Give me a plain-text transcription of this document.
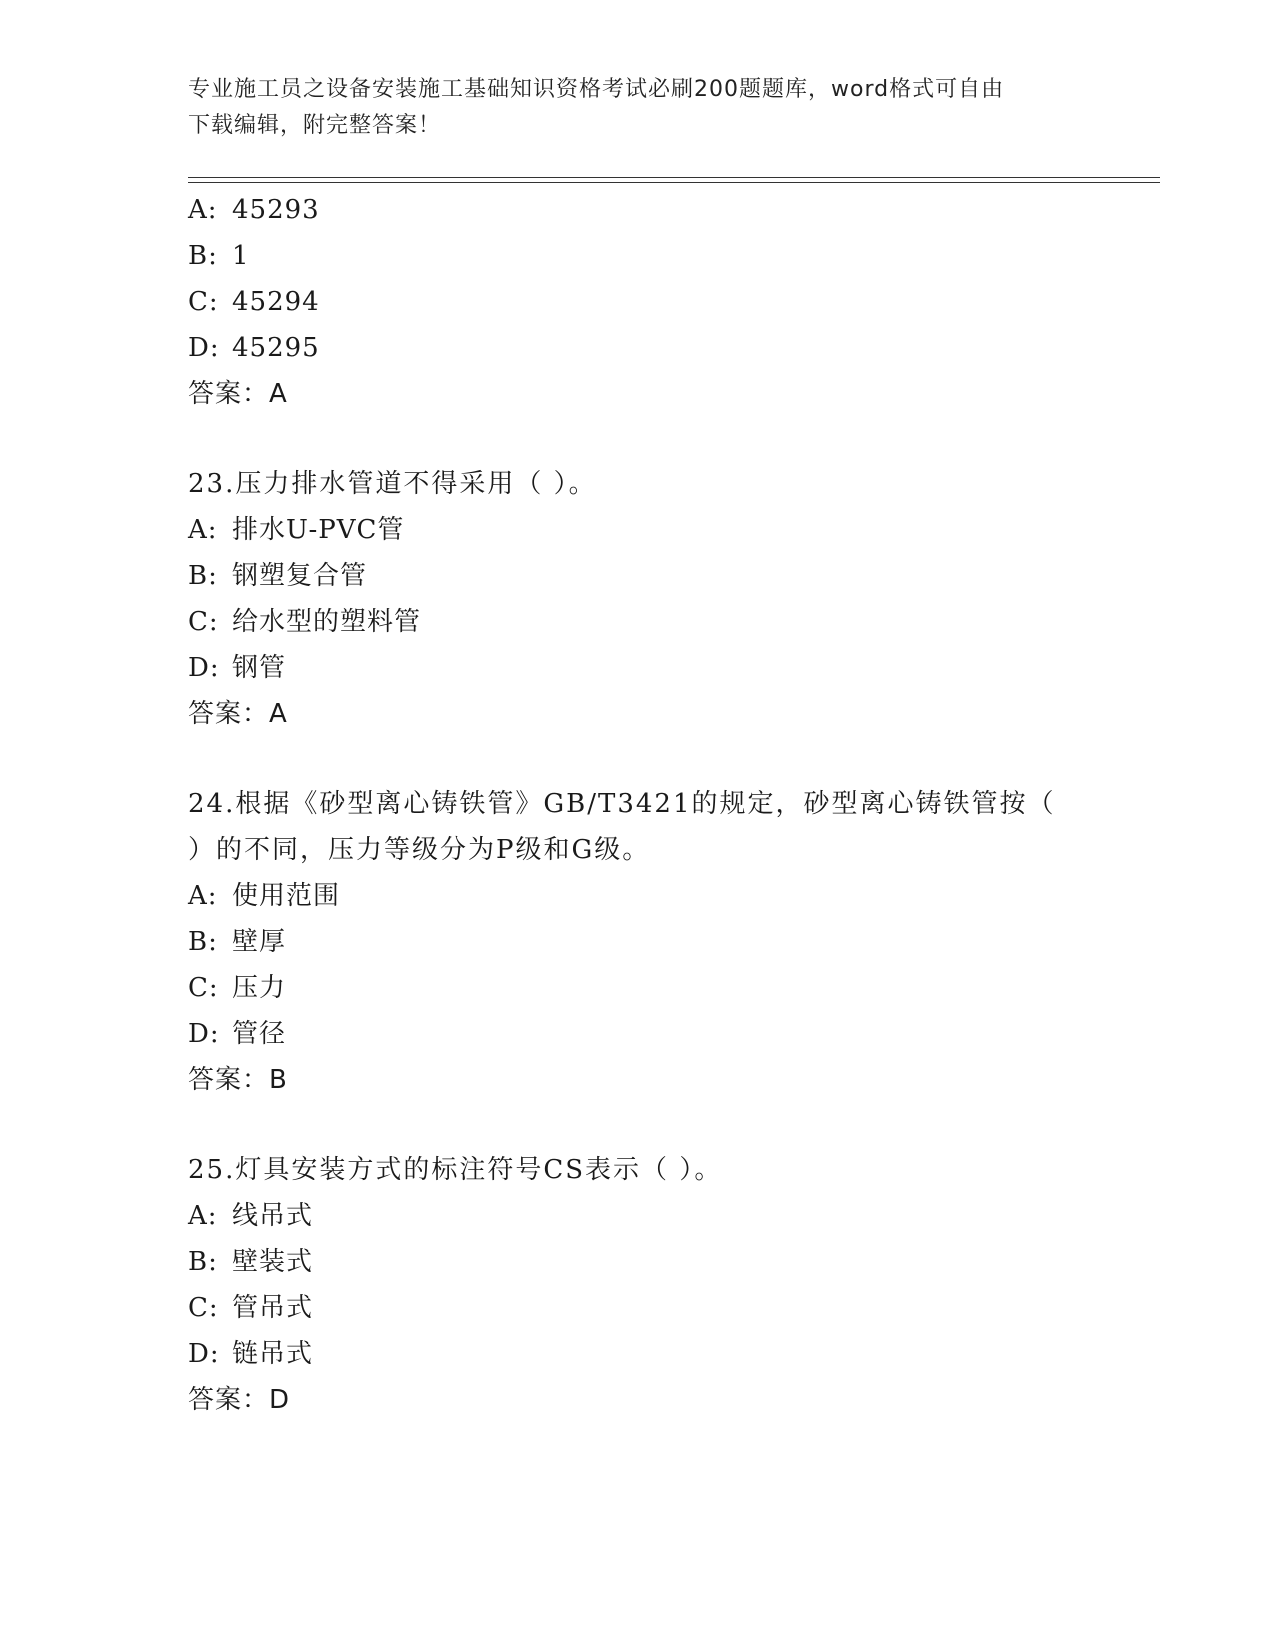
专业施工员之设备安装施工基础知识资格考试必刷200题题库，word格式可自由
下载编辑，附完整答案！
A: 45293
B: 1
C: 45294
D: 45295
答案：A
23.压力排水管道不得采用（ ）。
A: 排水U-PVC管
B: 钢塑复合管
C: 给水型的塑料管
D: 钢管
答案：A
24.根据《砂型离心铸铁管》GB/T3421的规定，砂型离心铸铁管按（
）的不同，压力等级分为P级和G级。
A: 使用范围
B: 壁厚
C: 压力
D: 管径
答案：B
25.灯具安装方式的标注符号CS表示（ ）。
A: 线吊式
B: 壁装式
C: 管吊式
D: 链吊式
答案：D
